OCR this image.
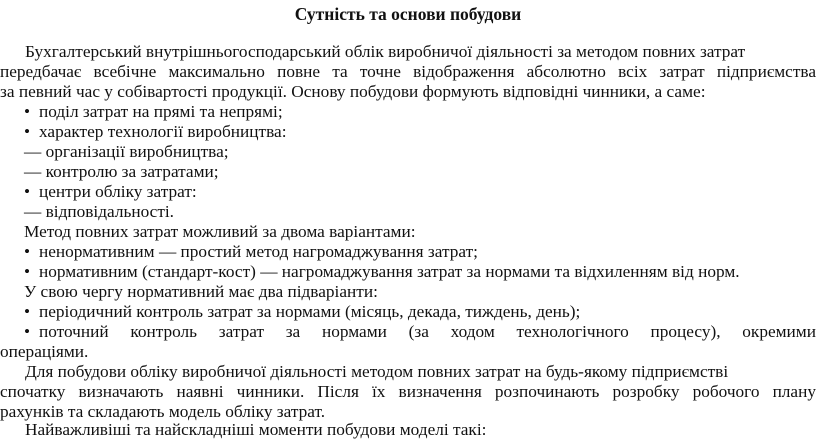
Сутність та основи побудови
Бухгалтерський внутрішньогосподарський облік виробничої діяльності за методом повних затрат
передбачає всебічне максимально повне та точне відображення абсолютно всіх затрат підприємства
за певний час у собівартості продукції. Основу побудови формують відповідні чинники, а саме:
• поділ затрат на прямі та непрямі;
• характер технології виробництва:
— організації виробництва;
— контролю за затратами;
• центри обліку затрат:
— відповідальності.
Метод повних затрат можливий за двома варіантами:
• ненормативним — простий метод нагромаджування затрат;
• нормативним (стандарт-кост) — нагромаджування затрат за нормами та відхиленням від норм.
У свою чергу нормативний має два підваріанти:
• періодичний контроль затрат за нормами (місяць, декада, тиждень, день);
• поточний контроль затрат за нормами (за ходом технологічного процесу), окремими
операціями.
Для побудови обліку виробничої діяльності методом повних затрат на будь-якому підприємстві
спочатку визначають наявні чинники. Після їх визначення розпочинають розробку робочого плану
рахунків та складають модель обліку затрат.
Найважливіші та найскладніші моменти побудови моделі такі:
